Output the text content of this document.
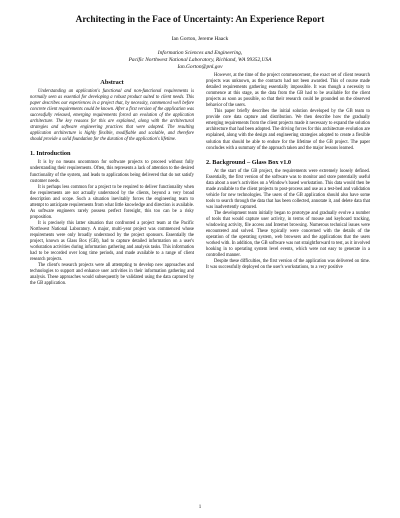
Architecting in the Face of Uncertainty: An Experience Report

Ian Gorton, Jereme Haack

Information Sciences and Engineering,
Pacific Northwest National Laboratory, Richland, WA 99352,USA
Ian.Gorton@pnl.gov
Abstract

Understanding an application's functional and non-functional requirements is normally seen as essential for developing a robust product suited to client needs. This paper describes our experiences in a project that, by necessity, commenced well before concrete client requirements could be known. After a first version of the application was successfully released, emerging requirements forced an evolution of the application architecture. The key reasons for this are explained, along with the architectural strategies and software engineering practices that were adopted. The resulting application architecture is highly flexible, modifiable and scalable, and therefore should provide a solid foundation for the duration of the application's lifetime.

1. Introduction

It is by no means uncommon for software projects to proceed without fully understanding their requirements. Often, this represents a lack of attention to the desired functionality of the system, and leads to applications being delivered that do not satisfy customer needs.

It is perhaps less common for a project to be required to deliver functionality when the requirements are not actually understood by the clients, beyond a very broad description and scope. Such a situation inevitably forces the engineering team to attempt to anticipate requirements from what little knowledge and direction is available. As software engineers rarely possess perfect foresight, this too can be a risky proposition.

It is precisely this latter situation that confronted a project team at the Pacific Northwest National Laboratory. A major, multi-year project was commenced whose requirements were only broadly understood by the project sponsors. Essentially the project, known as Glass Box (GB), had to capture detailed information on a user's workstation activities during information gathering and analysis tasks. This information had to be recorded over long time periods, and made available to a range of client research projects.

The client's research projects were all attempting to develop new approaches and technologies to support and enhance user activities in their information gathering and analysis. These approaches would subsequently be validated using the data captured by the GB application.

However, at the time of the project commencement, the exact set of client research projects was unknown, as the contracts had not been awarded. This of course made detailed requirements gathering essentially impossible. It was though a necessity to commence at this stage, as the data from the GB had to be available for the client projects as soon as possible, so that their research could be grounded on the observed behavior of the users.

This paper briefly describes the initial solution developed by the GB team to provide core data capture and distribution. We then describe how the gradually emerging requirements from the client projects made it necessary to expand the solution architecture that had been adopted. The driving forces for this architecture evolution are explained, along with the design and engineering strategies adopted to create a flexible solution that should be able to endure for the lifetime of the GB project. The paper concludes with a summary of the approach taken and the major lessons learned.

2. Background – Glass Box v1.0

At the start of the GB project, the requirements were extremely loosely defined. Essentially, the first version of the software was to monitor and store potentially useful data about a user's activities on a Window's based workstation. This data would then be made available to the client projects to post-process and use as a test-bed and validation vehicle for new technologies. The users of the GB application should also have some tools to search through the data that has been collected, annotate it, and delete data that was inadvertently captured.

The development team initially began to prototype and gradually evolve a number of tools that would capture user activity, in terms of mouse and keyboard tracking, windowing activity, file access and Internet browsing. Numerous technical issues were encountered and solved. These typically were concerned with the details of the operation of the operating system, web browsers and the applications that the users worked with. In addition, the GB software was not straightforward to test, as it involved hooking in to operating system level events, which were not easy to generate in a controlled manner.

Despite these difficulties, the first version of the application was delivered on time. It was successfully deployed on the user's workstations, to a very positive

1
